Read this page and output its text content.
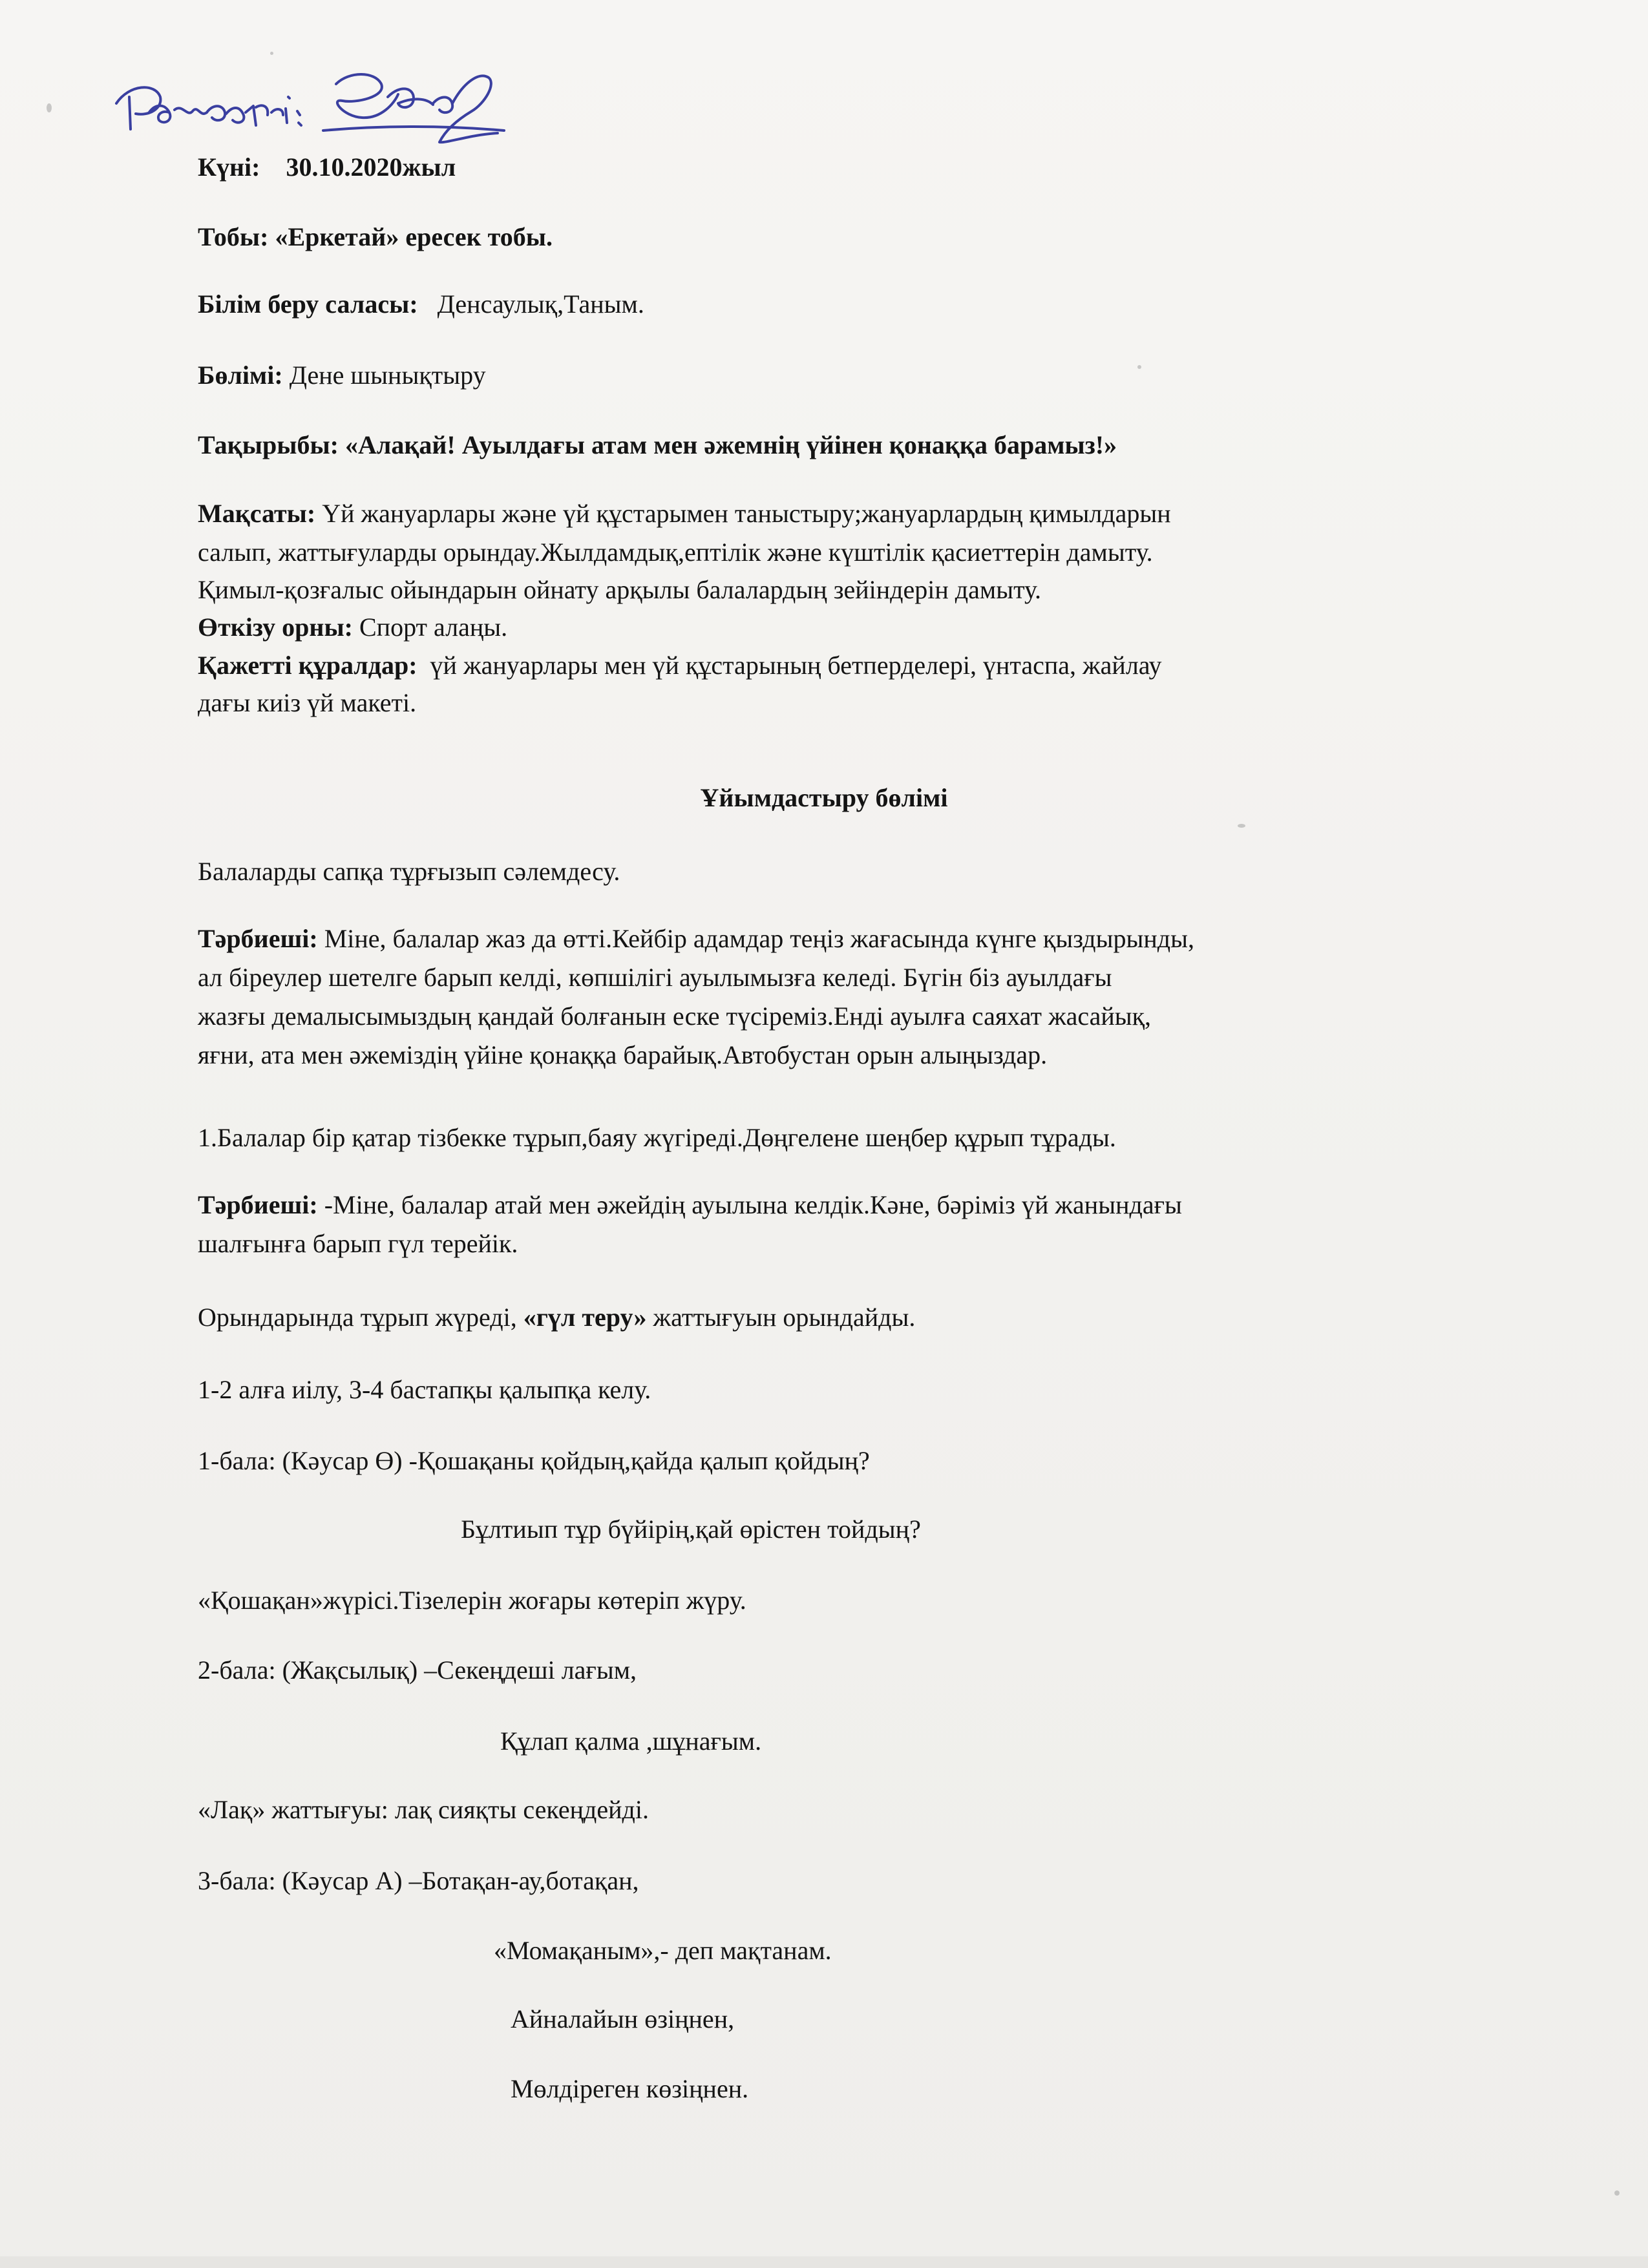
Күні: 30.10.2020жыл
Тобы: «Еркетай» ересек тобы.
Білім беру саласы: Денсаулық,Таным.
Бөлімі: Дене шынықтыру
Тақырыбы: «Алақай! Ауылдағы атам мен әжемнің үйінен қонаққа барамыз!»
Мақсаты: Үй жануарлары және үй құстарымен таныстыру;жануарлардың қимылдарын
салып, жаттығуларды орындау.Жылдамдық,ептілік және күштілік қасиеттерін дамыту.
Қимыл-қозғалыс ойындарын ойнату арқылы балалардың зейіндерін дамыту.
Өткізу орны: Спорт алаңы.
Қажетті құралдар: үй жануарлары мен үй құстарының бетперделері, үнтаспа, жайлау
дағы киіз үй макеті.
Ұйымдастыру бөлімі
Балаларды сапқа тұрғызып сәлемдесу.
Тәрбиеші: Міне, балалар жаз да өтті.Кейбір адамдар теңіз жағасында күнге қыздырынды,
ал біреулер шетелге барып келді, көпшілігі ауылымызға келеді. Бүгін біз ауылдағы
жазғы демалысымыздың қандай болғанын еске түсіреміз.Енді ауылға саяхат жасайық,
яғни, ата мен әжеміздің үйіне қонаққа барайық.Автобустан орын алыңыздар.
1.Балалар бір қатар тізбекке тұрып,баяу жүгіреді.Дөңгелене шеңбер құрып тұрады.
Тәрбиеші: -Міне, балалар атай мен әжейдің ауылына келдік.Кәне, бәріміз үй жанындағы
шалғынға барып гүл терейік.
Орындарында тұрып жүреді, «гүл теру» жаттығуын орындайды.
1-2 алға иілу, 3-4 бастапқы қалыпқа келу.
1-бала: (Кәусар Ө) -Қошақаны қойдың,қайда қалып қойдың?
Бұлтиып тұр бүйірің,қай өрістен тойдың?
«Қошақан»жүрісі.Тізелерін жоғары көтеріп жүру.
2-бала: (Жақсылық) –Секеңдеші лағым,
Құлап қалма ,шұнағым.
«Лақ» жаттығуы: лақ сияқты секеңдейді.
3-бала: (Кәусар А) –Ботақан-ау,ботақан,
«Момақаным»,- деп мақтанам.
Айналайын өзіңнен,
Мөлдіреген көзіңнен.
